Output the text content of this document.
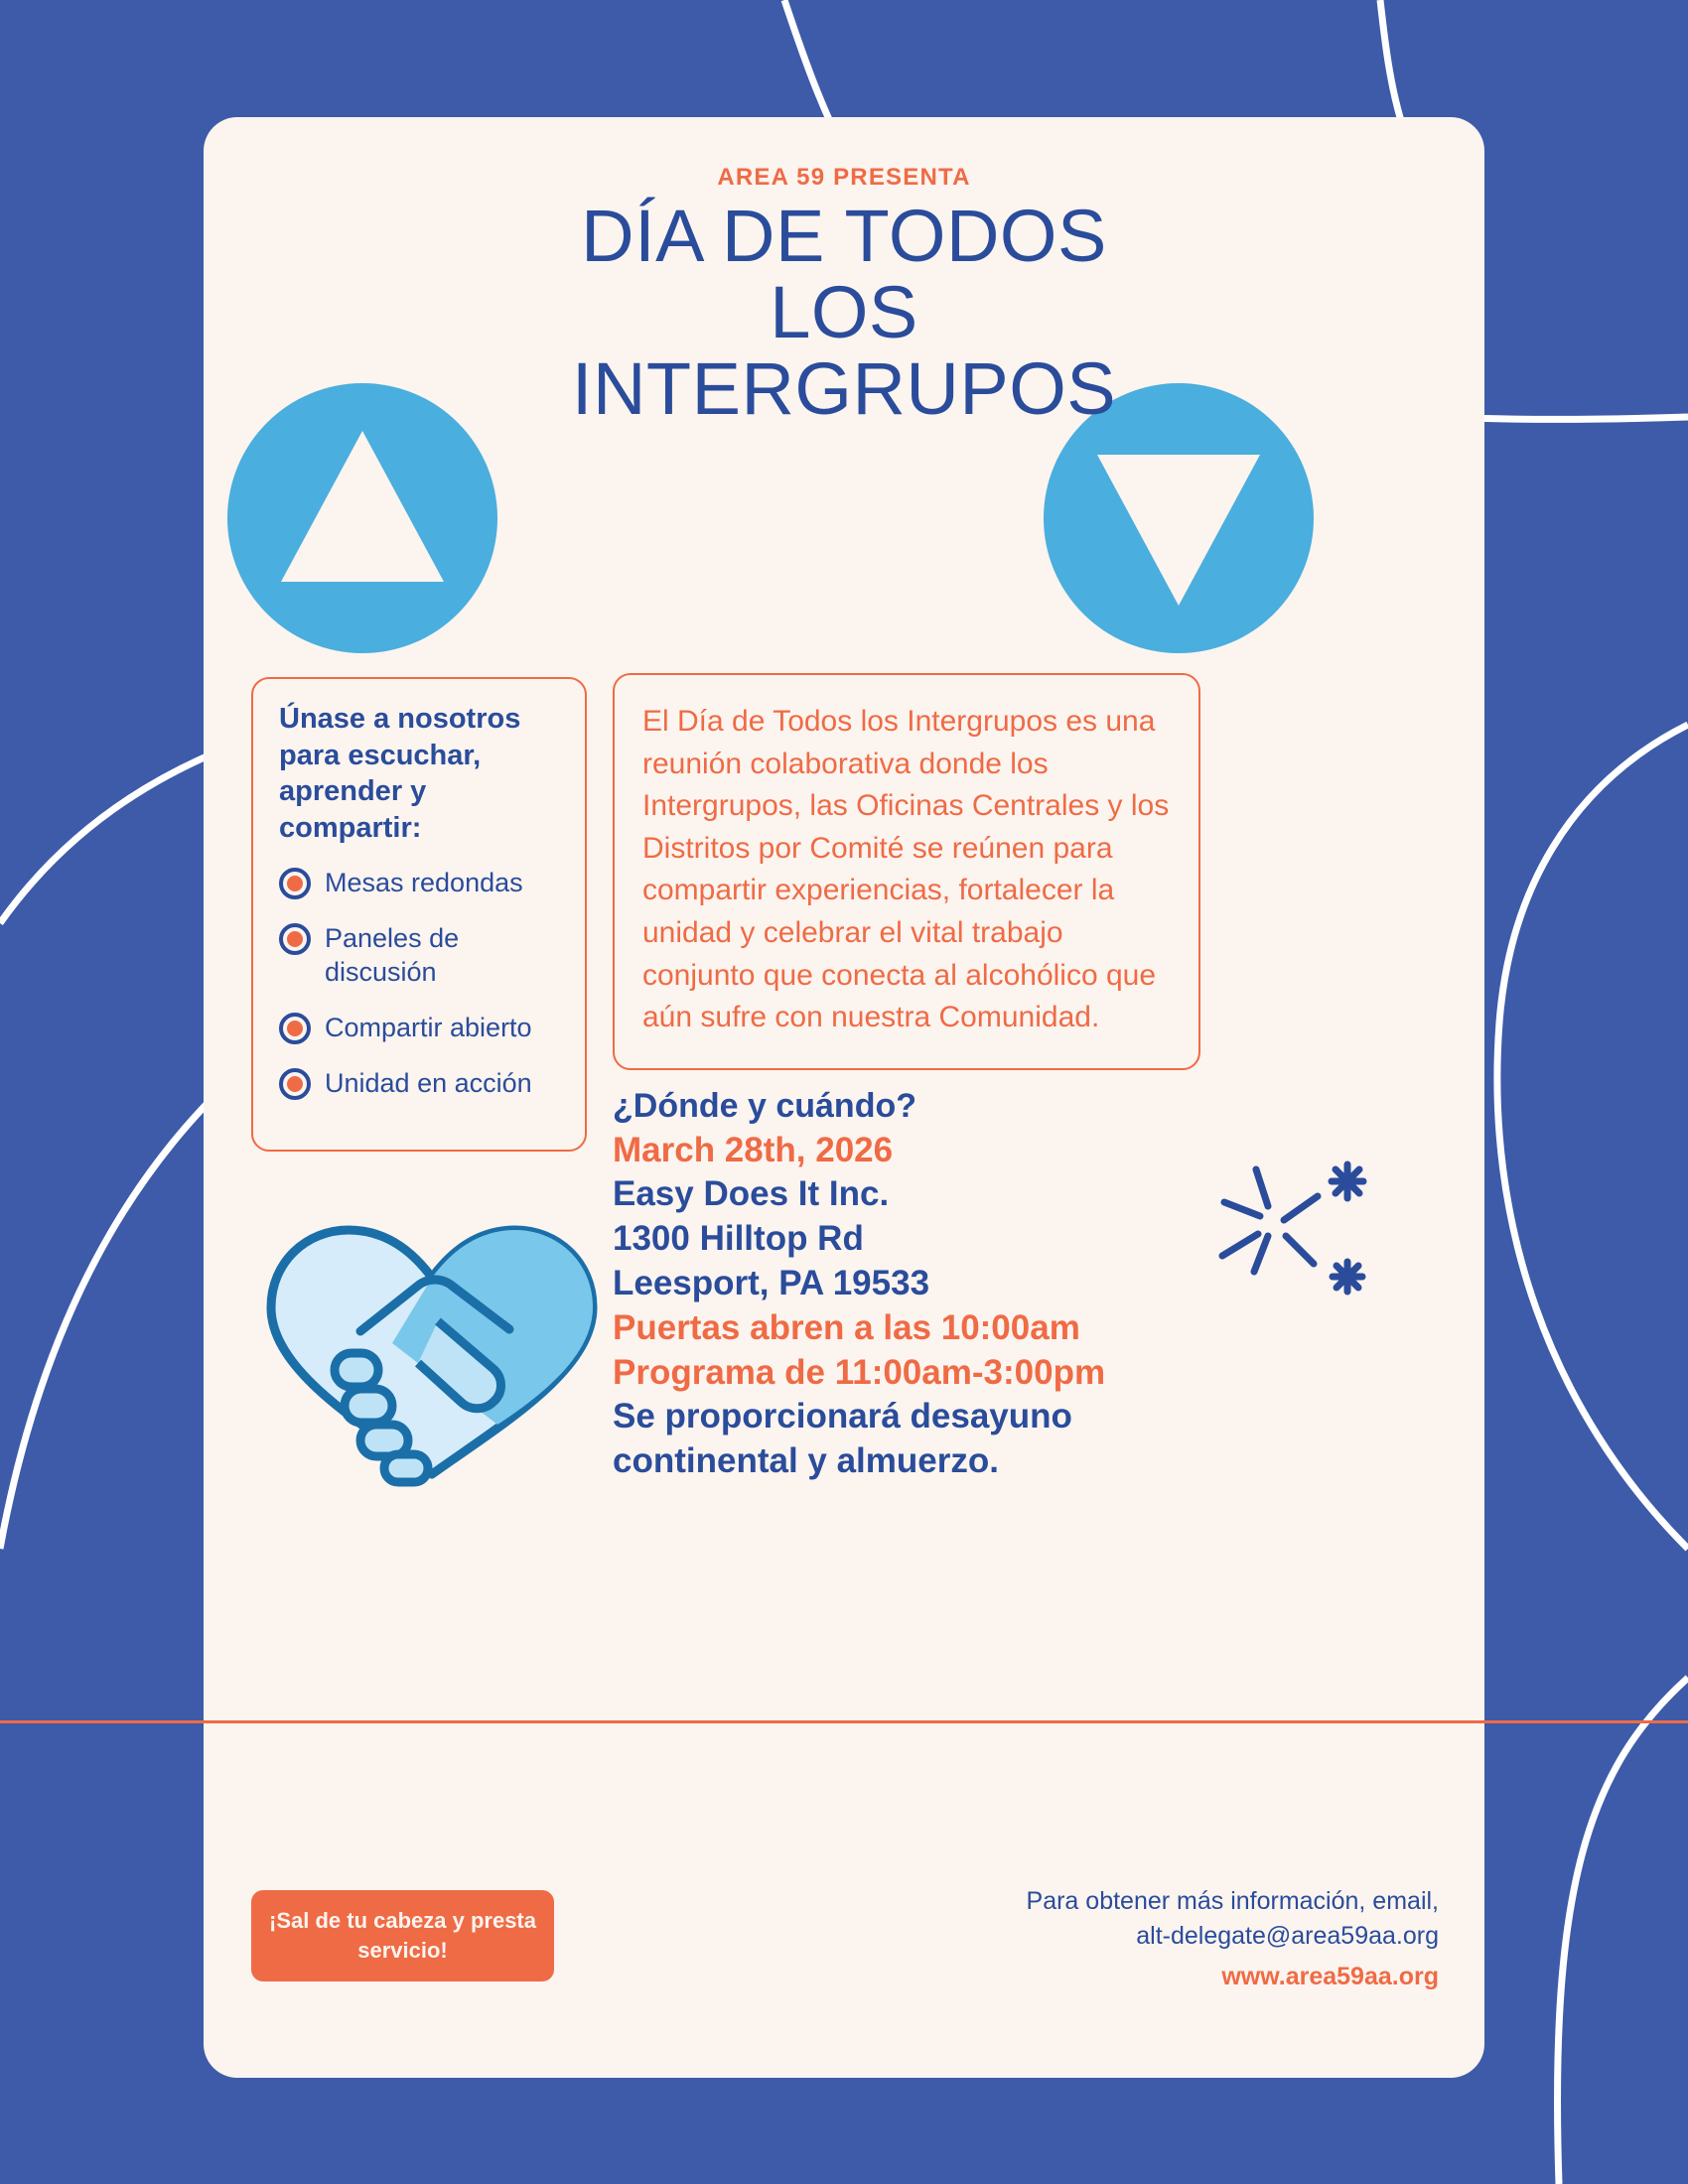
AREA 59 PRESENTA
DÍA DE TODOS
LOS
INTERGRUPOS

Únase a nosotros para escuchar, aprender y compartir:

Mesas redondas
Paneles de discusión
Compartir abierto
Unidad en acción
El Día de Todos los Intergrupos es una reunión colaborativa donde los Intergrupos, las Oficinas Centrales y los Distritos por Comité se reúnen para compartir experiencias, fortalecer la unidad y celebrar el vital trabajo conjunto que conecta al alcohólico que aún sufre con nuestra Comunidad.
¿Dónde y cuándo?
March 28th, 2026
Easy Does It Inc.
1300 Hilltop Rd
Leesport, PA 19533
Puertas abren a las 10:00am
Programa de 11:00am-3:00pm
Se proporcionará desayuno
continental y almuerzo.
¡Sal de tu cabeza y presta
servicio!
Para obtener más información, email,
alt-delegate@area59aa.org
www.area59aa.org
